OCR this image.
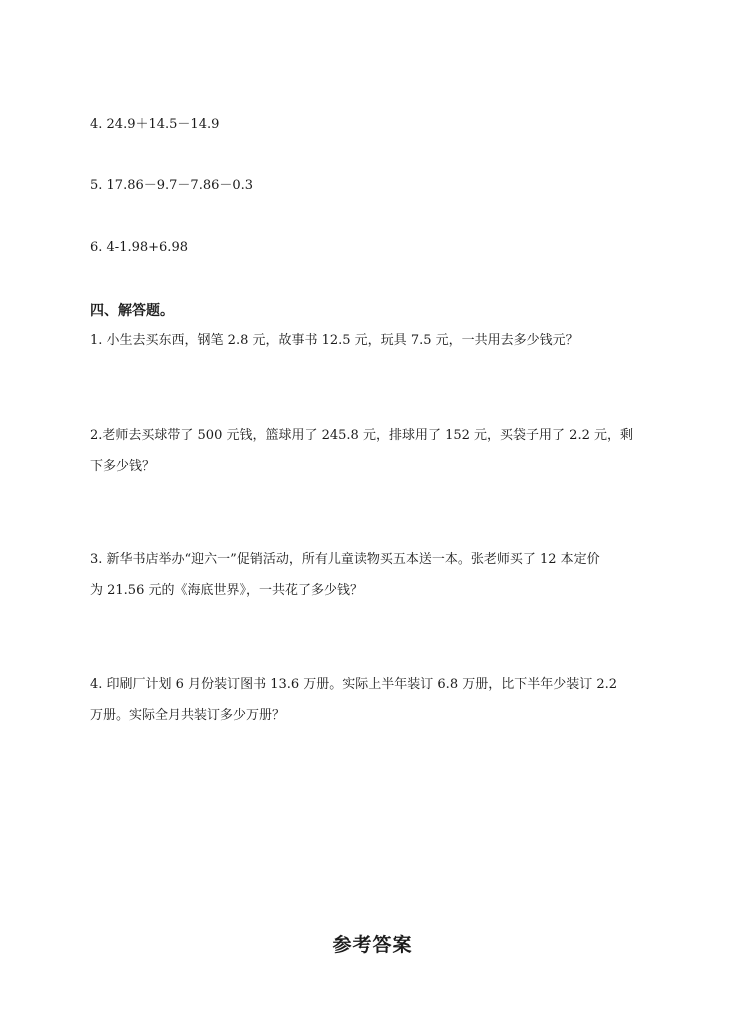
4. 24.9＋14.5－14.9
5. 17.86－9.7－7.86－0.3
6. 4-1.98+6.98
四、解答题。
1. 小生去买东西，钢笔 2.8 元，故事书 12.5 元，玩具 7.5 元，一共用去多少钱元？
2.老师去买球带了 500 元钱，篮球用了 245.8 元，排球用了 152 元，买袋子用了 2.2 元，剩
下多少钱？
3. 新华书店举办“迎六一”促销活动，所有儿童读物买五本送一本。张老师买了 12 本定价
为 21.56 元的《海底世界》，一共花了多少钱？
4. 印刷厂计划 6 月份装订图书 13.6 万册。实际上半年装订 6.8 万册，比下半年少装订 2.2
万册。实际全月共装订多少万册？
参考答案
